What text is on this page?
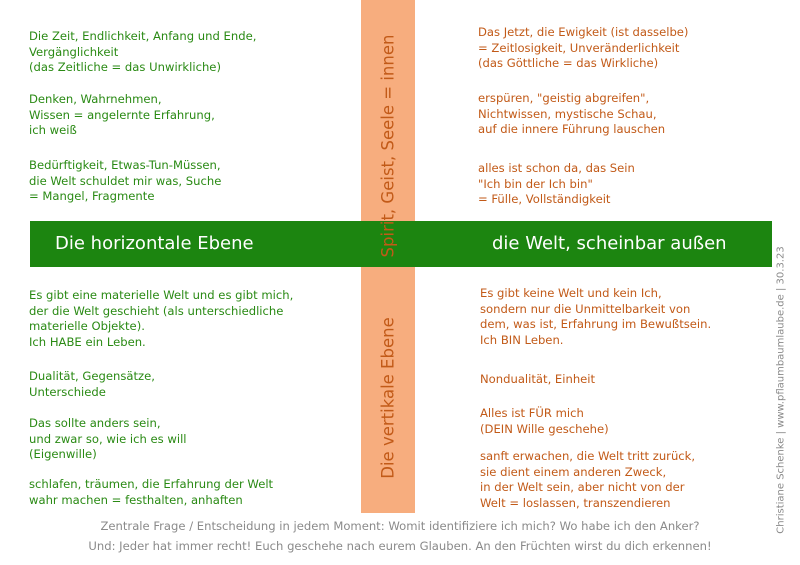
Die horizontale Ebene	die Welt, scheinbar außen
Spirit, Geist, Seele = innen
Die vertikale Ebene
Die Zeit, Endlichkeit, Anfang und Ende,
Vergänglichkeit
(das Zeitliche = das Unwirkliche)
Denken, Wahrnehmen,
Wissen = angelernte Erfahrung,
ich weiß
Bedürftigkeit, Etwas-Tun-Müssen,
die Welt schuldet mir was, Suche
= Mangel, Fragmente
Das Jetzt, die Ewigkeit (ist dasselbe)
= Zeitlosigkeit, Unveränderlichkeit
(das Göttliche = das Wirkliche)
erspüren, "geistig abgreifen",
Nichtwissen, mystische Schau,
auf die innere Führung lauschen
alles ist schon da, das Sein
"Ich bin der Ich bin"
= Fülle, Vollständigkeit
Es gibt eine materielle Welt und es gibt mich,
der die Welt geschieht (als unterschiedliche
materielle Objekte).
Ich HABE ein Leben.
Dualität, Gegensätze,
Unterschiede
Das sollte anders sein,
und zwar so, wie ich es will
(Eigenwille)
schlafen, träumen, die Erfahrung der Welt
wahr machen = festhalten, anhaften
Es gibt keine Welt und kein Ich,
sondern nur die Unmittelbarkeit von
dem, was ist, Erfahrung im Bewußtsein.
Ich BIN Leben.
Nondualität, Einheit
Alles ist FÜR mich
(DEIN Wille geschehe)
sanft erwachen, die Welt tritt zurück,
sie dient einem anderen Zweck,
in der Welt sein, aber nicht von der
Welt = loslassen, transzendieren
Zentrale Frage / Entscheidung in jedem Moment: Womit identifiziere ich mich? Wo habe ich den Anker?
Und: Jeder hat immer recht! Euch geschehe nach eurem Glauben. An den Früchten wirst du dich erkennen!
Christiane Schenke | www.pflaumbaumlaube.de | 30.3.23
